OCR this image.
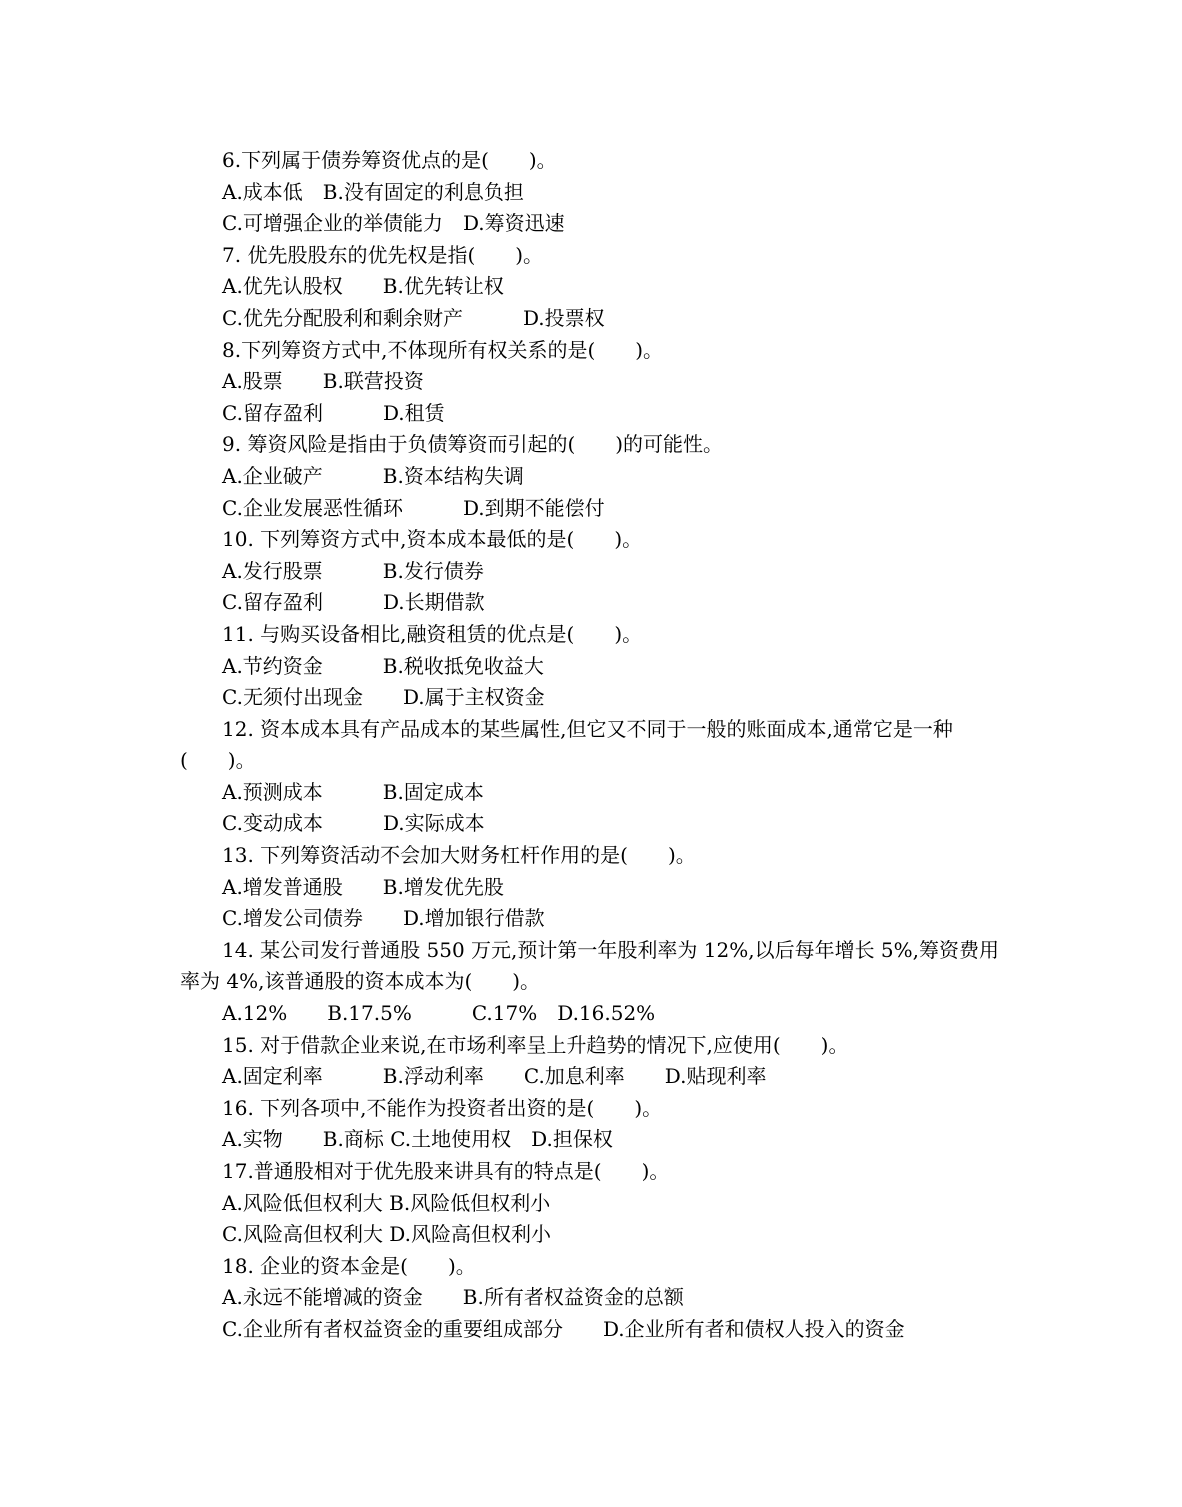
6.下列属于债券筹资优点的是(　　)。
A.成本低　B.没有固定的利息负担
C.可增强企业的举债能力　D.筹资迅速
7. 优先股股东的优先权是指(　　)。
A.优先认股权　　B.优先转让权
C.优先分配股利和剩余财产　　　D.投票权
8.下列筹资方式中,不体现所有权关系的是(　　)。
A.股票　　B.联营投资
C.留存盈利　　　D.租赁
9. 筹资风险是指由于负债筹资而引起的(　　)的可能性。
A.企业破产　　　B.资本结构失调
C.企业发展恶性循环　　　D.到期不能偿付
10. 下列筹资方式中,资本成本最低的是(　　)。
A.发行股票　　　B.发行债券
C.留存盈利　　　D.长期借款
11. 与购买设备相比,融资租赁的优点是(　　)。
A.节约资金　　　B.税收抵免收益大
C.无须付出现金　　D.属于主权资金
12. 资本成本具有产品成本的某些属性,但它又不同于一般的账面成本,通常它是一种
(　　)。
A.预测成本　　　B.固定成本
C.变动成本　　　D.实际成本
13. 下列筹资活动不会加大财务杠杆作用的是(　　)。
A.增发普通股　　B.增发优先股
C.增发公司债券　　D.增加银行借款
14. 某公司发行普通股 550 万元,预计第一年股利率为 12%,以后每年增长 5%,筹资费用
率为 4%,该普通股的资本成本为(　　)。
A.12%　　B.17.5%　　　C.17%　D.16.52%
15. 对于借款企业来说,在市场利率呈上升趋势的情况下,应使用(　　)。
A.固定利率　　　B.浮动利率　　C.加息利率　　D.贴现利率
16. 下列各项中,不能作为投资者出资的是(　　)。
A.实物　　B.商标 C.土地使用权　D.担保权
17.普通股相对于优先股来讲具有的特点是(　　)。
A.风险低但权利大 B.风险低但权利小
C.风险高但权利大 D.风险高但权利小
18. 企业的资本金是(　　)。
A.永远不能增减的资金　　B.所有者权益资金的总额
C.企业所有者权益资金的重要组成部分　　D.企业所有者和债权人投入的资金
